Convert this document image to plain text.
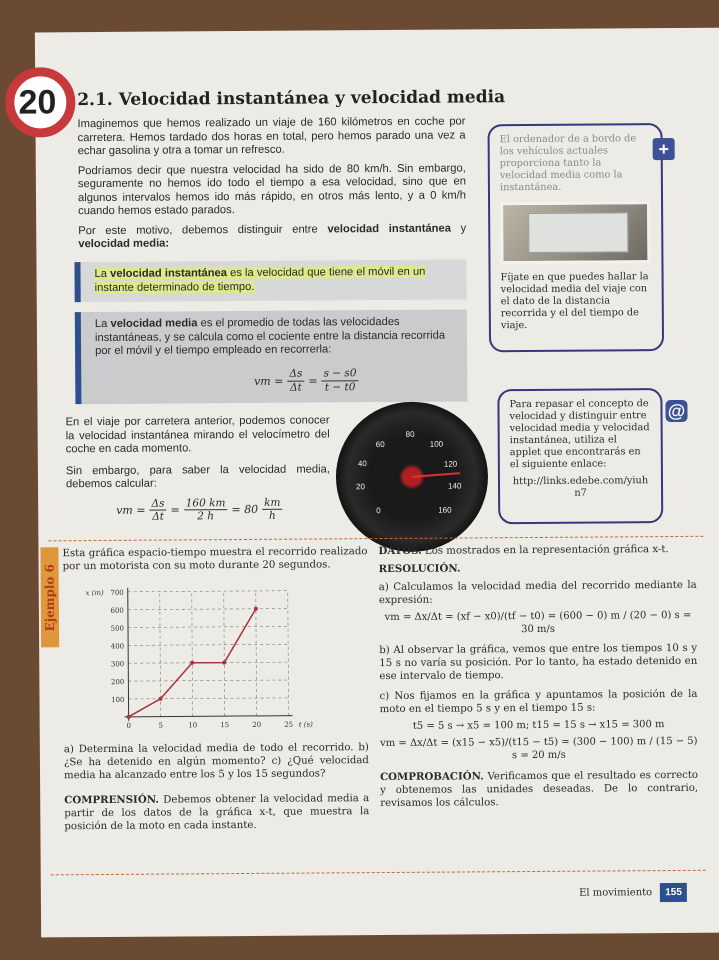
20	2.1. Velocidad instantánea y velocidad media

Imaginemos que hemos realizado un viaje de 160 kilómetros en coche por carretera. Hemos tardado dos horas en total, pero hemos parado una vez a echar gasolina y otra a tomar un refresco.

Podríamos decir que nuestra velocidad ha sido de 80 km/h. Sin embargo, seguramente no hemos ido todo el tiempo a esa velocidad, sino que en algunos intervalos hemos ido más rápido, en otros más lento, y a 0 km/h cuando hemos estado parados.

Por este motivo, debemos distinguir entre velocidad instantánea y velocidad media:

La velocidad instantánea es la velocidad que tiene el móvil en un instante determinado de tiempo.
La velocidad media es el promedio de todas las velocidades instantáneas, y se calcula como el cociente entre la distancia recorrida por el móvil y el tiempo empleado en recorrerla:
vm = $\frac{\Delta s}{\Delta t} = \frac{s - s0}{t - t0}$

En el viaje por carretera anterior, podemos conocer la velocidad instantánea mirando el velocímetro del coche en cada momento.

Sin embargo, para saber la velocidad media, debemos calcular:

vm = $\frac{\Delta s}{\Delta t} = \frac{160 km}{2 h} = 80 \frac{km}{h}$
20
40
60
80
100
120
140
160
0
El ordenador de a bordo de los vehículos actuales proporciona tanto la velocidad media como la instantánea.
Fíjate en que puedes hallar la velocidad media del viaje con el dato de la distancia recorrida y el del tiempo de viaje.
+
Para repasar el concepto de velocidad y distinguir entre velocidad media y velocidad instantánea, utiliza el applet que encontrarás en el siguiente enlace:
http://links.edebe.com/yiuhn7
@
Ejemplo 6

Esta gráfica espacio-tiempo muestra el recorrido realizado por un motorista con su moto durante 20 segundos.

100
200
300
400
500
600
700
0	5	10	15	20	25
x (m)
t (s)

a) Determina la velocidad media de todo el recorrido. b) ¿Se ha detenido en algún momento? c) ¿Qué velocidad media ha alcanzado entre los 5 y los 15 segundos?

COMPRENSIÓN. Debemos obtener la velocidad media a partir de los datos de la gráfica x-t, que muestra la posición de la moto en cada instante.

DATOS. Los mostrados en la representación gráfica x-t.

RESOLUCIÓN.

a) Calculamos la velocidad media del recorrido mediante la expresión:

vm = Δx/Δt = (xf − x0)/(tf − t0) = (600 − 0) m / (20 − 0) s = 30 m/s

b) Al observar la gráfica, vemos que entre los tiempos 10 s y 15 s no varía su posición. Por lo tanto, ha estado detenido en ese intervalo de tiempo.

c) Nos fijamos en la gráfica y apuntamos la posición de la moto en el tiempo 5 s y en el tiempo 15 s:

t5 = 5 s → x5 = 100 m; t15 = 15 s → x15 = 300 m
vm = Δx/Δt = (x15 − x5)/(t15 − t5) = (300 − 100) m / (15 − 5) s = 20 m/s

COMPROBACIÓN. Verificamos que el resultado es correcto y obtenemos las unidades deseadas. De lo contrario, revisamos los cálculos.

El movimiento	155
